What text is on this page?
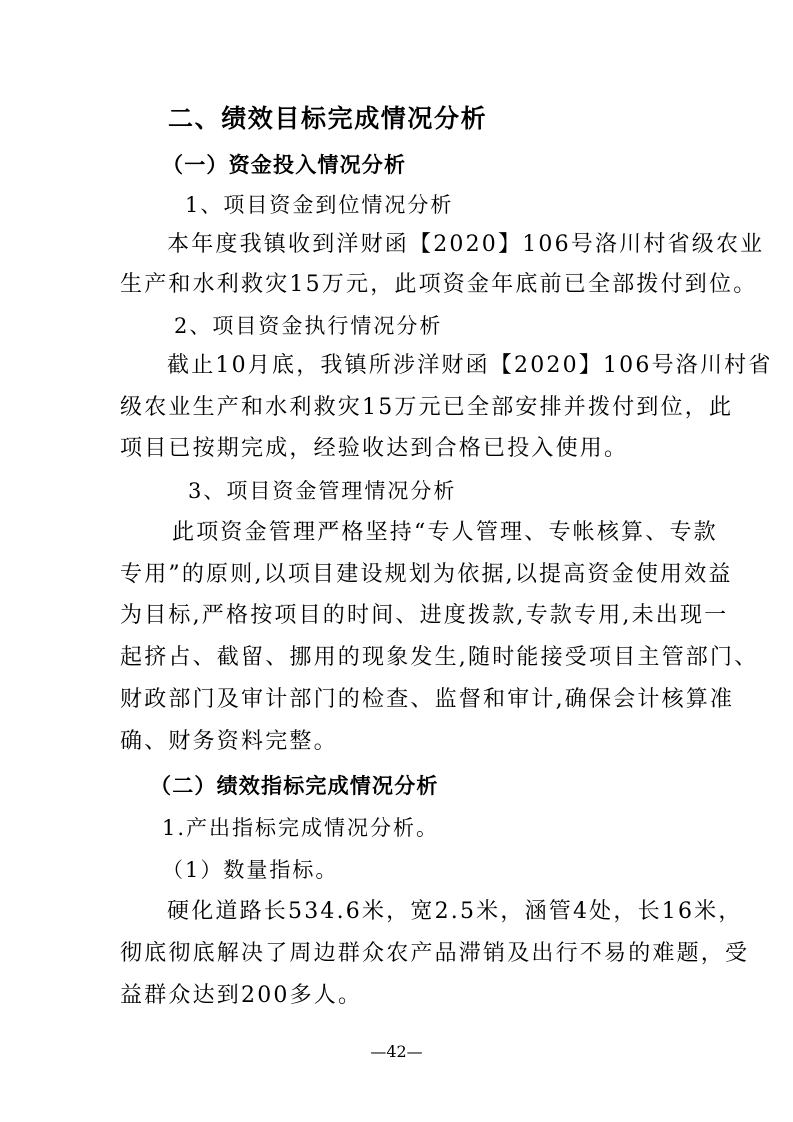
二、绩效目标完成情况分析
（一）资金投入情况分析
1、项目资金到位情况分析
本年度我镇收到洋财函【2020】106号洛川村省级农业
生产和水利救灾15万元，此项资金年底前已全部拨付到位。
2、项目资金执行情况分析
截止10月底，我镇所涉洋财函【2020】106号洛川村省
级农业生产和水利救灾15万元已全部安排并拨付到位，此
项目已按期完成，经验收达到合格已投入使用。
3、项目资金管理情况分析
此项资金管理严格坚持“专人管理、专帐核算、专款
专用”的原则,以项目建设规划为依据,以提高资金使用效益
为目标,严格按项目的时间、进度拨款,专款专用,未出现一
起挤占、截留、挪用的现象发生,随时能接受项目主管部门、
财政部门及审计部门的检查、监督和审计,确保会计核算准
确、财务资料完整。
（二）绩效指标完成情况分析
1.产出指标完成情况分析。
（1）数量指标。
硬化道路长534.6米，宽2.5米，涵管4处，长16米，
彻底彻底解决了周边群众农产品滞销及出行不易的难题，受
益群众达到200多人。
—42—
